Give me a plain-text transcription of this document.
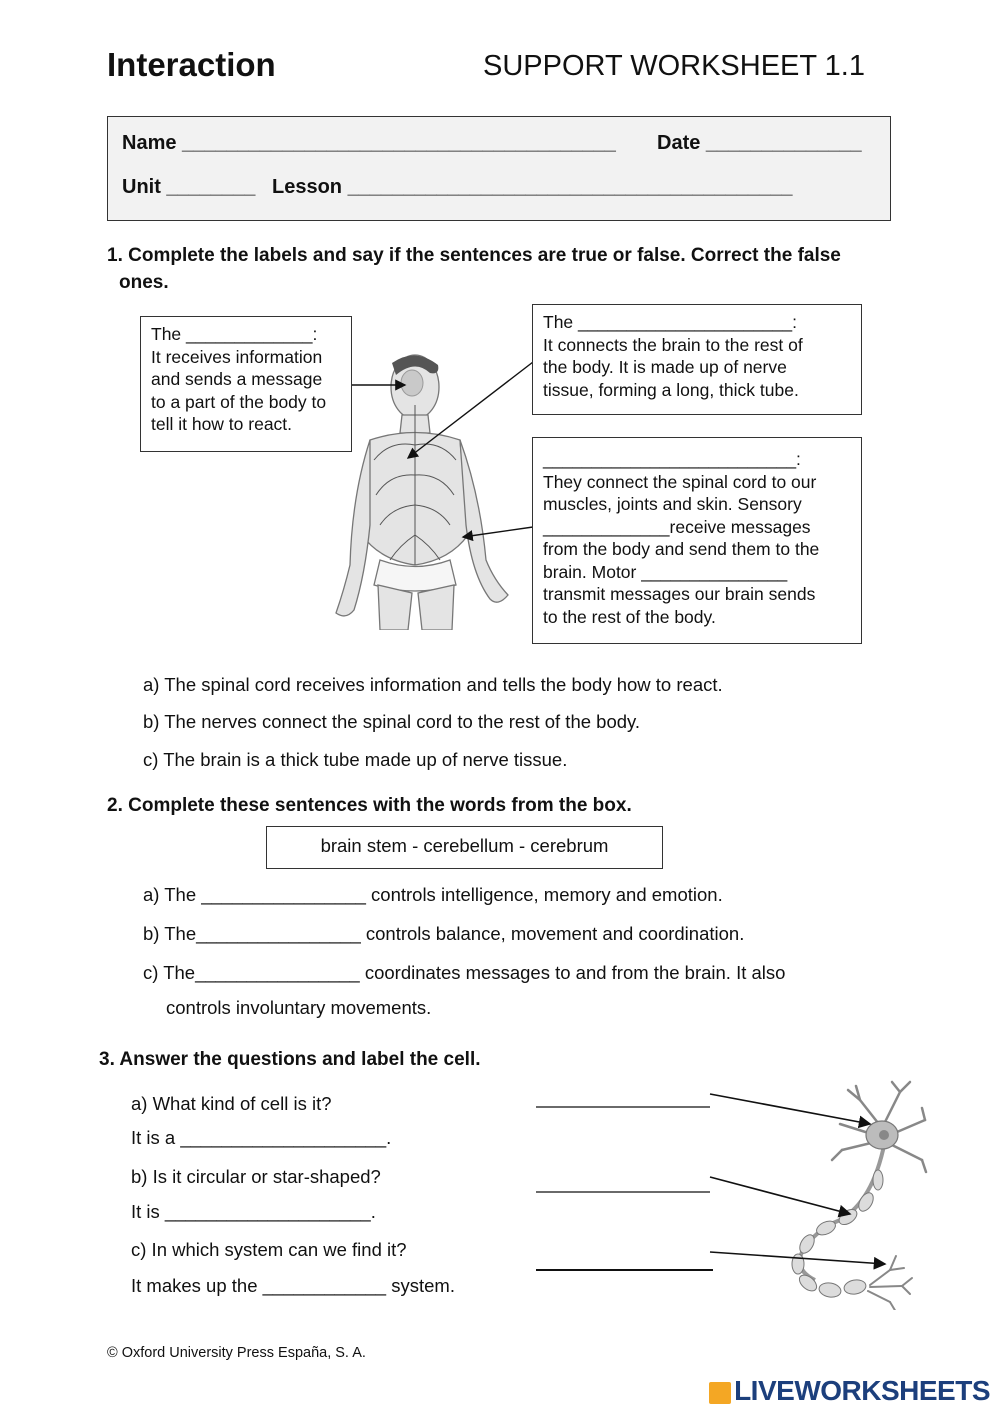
Interaction	SUPPORT WORKSHEET 1.1
Name _______________________________________ Date ______________
Unit ________ Lesson ________________________________________
1. Complete the labels and say if the sentences are true or false. Correct the false
ones.
The _____________:
It receives information
and sends a message
to a part of the body to
tell it how to react.
The ______________________:
It connects the brain to the rest of
the body. It is made up of nerve
tissue, forming a long, thick tube.
__________________________:
They connect the spinal cord to our
muscles, joints and skin. Sensory
_____________receive messages
from the body and send them to the
brain. Motor _______________
transmit messages our brain sends
to the rest of the body.
a) The spinal cord receives information and tells the body how to react.
b) The nerves connect the spinal cord to the rest of the body.
c) The brain is a thick tube made up of nerve tissue.
2. Complete these sentences with the words from the box.
brain stem - cerebellum - cerebrum
a) The ________________ controls intelligence, memory and emotion.
b) The________________ controls balance, movement and coordination.
c) The________________ coordinates messages to and from the brain. It also
controls involuntary movements.
3. Answer the questions and label the cell.
a) What kind of cell is it?
It is a ____________________.
b) Is it circular or star-shaped?
It is ____________________.
c) In which system can we find it?
It makes up the ____________ system.
© Oxford University Press España, S. A.
LIVEWORKSHEETS
